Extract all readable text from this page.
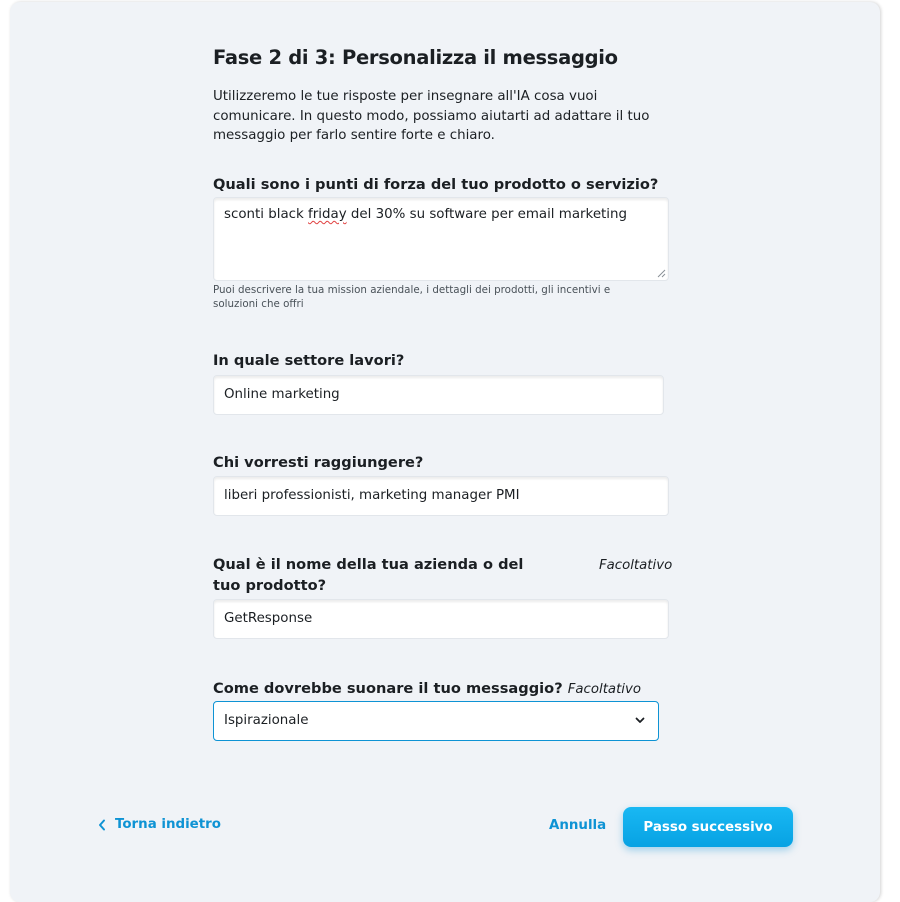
Fase 2 di 3: Personalizza il messaggio

Utilizzeremo le tue risposte per insegnare all'IA cosa vuoi comunicare. In questo modo, possiamo aiutarti ad adattare il tuo messaggio per farlo sentire forte e chiaro.

Quali sono i punti di forza del tuo prodotto o servizio?

sconti black friday del 30% su software per email marketing

Puoi descrivere la tua mission aziendale, i dettagli dei prodotti, gli incentivi e soluzioni che offri

In quale settore lavori?

Online marketing

Chi vorresti raggiungere?

liberi professionisti, marketing manager PMI

Qual è il nome della tua azienda o del tuo prodotto?

Facoltativo
GetResponse

Come dovrebbe suonare il tuo messaggio? Facoltativo

Ispirazionale
Torna indietro	Annulla	Passo successivo
